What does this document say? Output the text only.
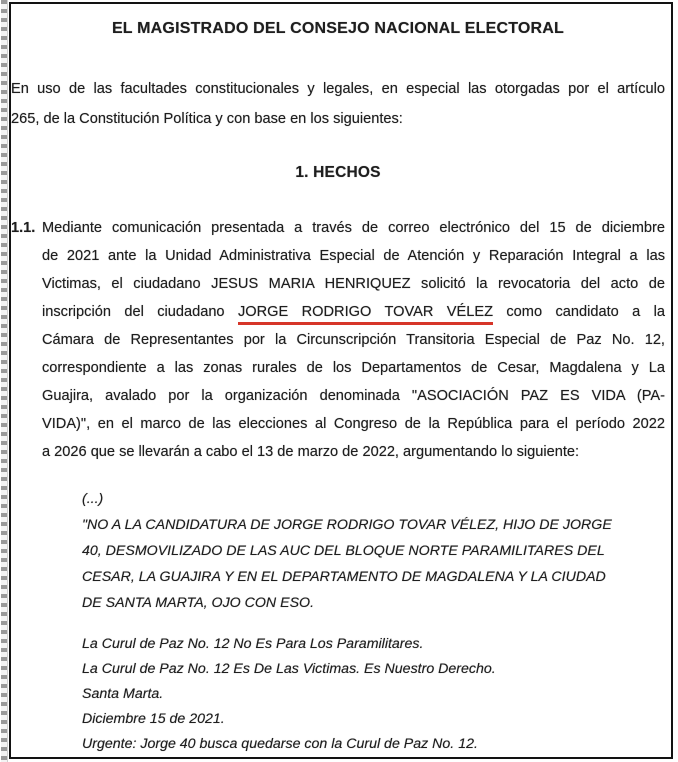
EL MAGISTRADO DEL CONSEJO NACIONAL ELECTORAL
En uso de las facultades constitucionales y legales, en especial las otorgadas por el artículo
265, de la Constitución Política y con base en los siguientes:
1. HECHOS
1.1. Mediante comunicación presentada a través de correo electrónico del 15 de diciembre
de 2021 ante la Unidad Administrativa Especial de Atención y Reparación Integral a las
Victimas, el ciudadano JESUS MARIA HENRIQUEZ solicitó la revocatoria del acto de
inscripción del ciudadano JORGE RODRIGO TOVAR VÉLEZ como candidato a la
Cámara de Representantes por la Circunscripción Transitoria Especial de Paz No. 12,
correspondiente a las zonas rurales de los Departamentos de Cesar, Magdalena y La
Guajira, avalado por la organización denominada "ASOCIACIÓN PAZ ES VIDA (PA-
VIDA)", en el marco de las elecciones al Congreso de la República para el período 2022
a 2026 que se llevarán a cabo el 13 de marzo de 2022, argumentando lo siguiente:
(...)
"NO A LA CANDIDATURA DE JORGE RODRIGO TOVAR VÉLEZ, HIJO DE JORGE
40, DESMOVILIZADO DE LAS AUC DEL BLOQUE NORTE PARAMILITARES DEL
CESAR, LA GUAJIRA Y EN EL DEPARTAMENTO DE MAGDALENA Y LA CIUDAD
DE SANTA MARTA, OJO CON ESO.
La Curul de Paz No. 12 No Es Para Los Paramilitares.
La Curul de Paz No. 12 Es De Las Victimas. Es Nuestro Derecho.
Santa Marta.
Diciembre 15 de 2021.
Urgente: Jorge 40 busca quedarse con la Curul de Paz No. 12.
